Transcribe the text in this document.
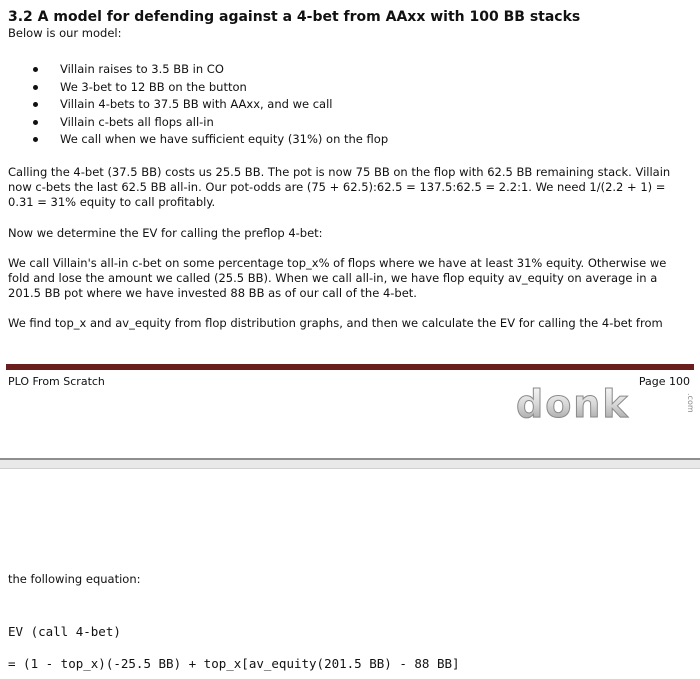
3.2 A model for defending against a 4-bet from AAxx with 100 BB stacks
Below is our model:
Villain raises to 3.5 BB in CO
We 3-bet to 12 BB on the button
Villain 4-bets to 37.5 BB with AAxx, and we call
Villain c-bets all flops all-in
We call when we have sufficient equity (31%) on the flop
Calling the 4-bet (37.5 BB) costs us 25.5 BB. The pot is now 75 BB on the flop with 62.5 BB remaining stack. Villain now c-bets the last 62.5 BB all-in. Our pot-odds are (75 + 62.5):62.5 = 137.5:62.5 = 2.2:1. We need 1/(2.2 + 1) = 0.31 = 31% equity to call profitably.
Now we determine the EV for calling the preflop 4-bet:
We call Villain's all-in c-bet on some percentage top_x% of flops where we have at least 31% equity. Otherwise we fold and lose the amount we called (25.5 BB). When we call all-in, we have flop equity av_equity on average in a 201.5 BB pot where we have invested 88 BB as of our call of the 4-bet.
We find top_x and av_equity from flop distribution graphs, and then we calculate the EV for calling the 4-bet from
PLO From Scratch	Page 100
donk	.com
the following equation:
EV (call 4-bet)
= (1 - top_x)(-25.5 BB) + top_x[av_equity(201.5 BB) - 88 BB]
